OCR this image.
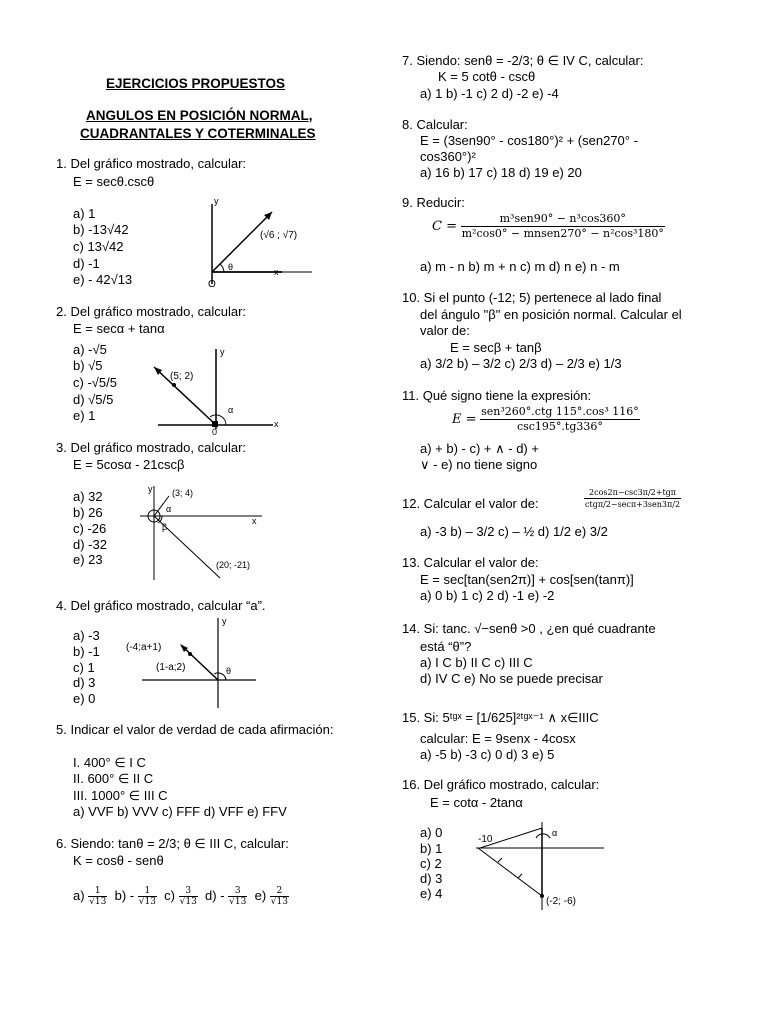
EJERCICIOS PROPUESTOS
ANGULOS EN POSICIÓN NORMAL,
CUADRANTALES Y COTERMINALES
1. Del gráfico mostrado, calcular:
E = secθ.cscθ
a) 1
b) -13√42
c) 13√42
d) -1
e) - 42√13
y
x
O
θ
(√6 ; √7)
2. Del gráfico mostrado, calcular:
E = secα + tanα
a) -√5
b) √5
c) -√5/5
d) √5/5
e) 1
y
x
0
α
(5; 2)
3. Del gráfico mostrado, calcular:
E = 5cosα - 21cscβ
a) 32
b) 26
c) -26
d) -32
e) 23
y
x
(3; 4)
α
β
(20; -21)
4. Del gráfico mostrado, calcular “a”.
a) -3
b) -1
c) 1
d) 3
e) 0
y
(-4;a+1)
(1-a;2)	θ
5. Indicar el valor de verdad de cada afirmación:
I. 400° ∈ I C
II. 600° ∈ II C
III. 1000° ∈ III C
a) VVF b) VVV c) FFF d) VFF e) FFV
6. Siendo: tanθ = 2/3; θ ∈ III C, calcular:
K = cosθ - senθ
$a) \frac{1}{√13} b) - \frac{1}{√13} c) \frac{3}{√13} d) - \frac{3}{√13} e) \frac{2}{√13}$
7. Siendo: senθ = -2/3; θ ∈ IV C, calcular:
K = 5 cotθ - cscθ
a) 1 b) -1 c) 2 d) -2 e) -4
8. Calcular:
E = (3sen90° - cos180°)² + (sen270° -
cos360°)²
a) 16 b) 17 c) 18 d) 19 e) 20
9. Reducir:
$C = \frac{\text{m³sen90° − n³cos360°}}{\text{m²cos0° − mnsen270° − n²cos³180°}}$
a) m - n b) m + n c) m d) n e) n - m
10. Si el punto (-12; 5) pertenece al lado final
del ángulo "β" en posición normal. Calcular el
valor de:
E = secβ + tanβ
a) 3/2 b) – 3/2 c) 2/3 d) – 2/3 e) 1/3
11. Qué signo tiene la expresión:
$E = \frac{\text{sen³260°.ctg 115°.cos³ 116°}}{\csc 195^\circ.tg336^\circ}$
a) + b) - c) + ∧ - d) +
∨ - e) no tiene signo
12. Calcular el valor de:	$\frac{\text{2cos2π−csc3π/2+tgπ}}{\text{ctgπ/2−secπ+3sen3π/2}}$
a) -3 b) – 3/2 c) – ½ d) 1/2 e) 3/2
13. Calcular el valor de:
E = sec[tan(sen2π)] + cos[sen(tanπ)]
a) 0 b) 1 c) 2 d) -1 e) -2
14. Si: tanc. √−senθ >0 , ¿en qué cuadrante
está “θ”?
a) I C b) II C c) III C
d) IV C e) No se puede precisar
15. Si: 5ᵗᵍˣ = [1/625]²ᵗᵍˣ⁻¹ ∧ x∈IIIC
calcular: E = 9senx - 4cosx
a) -5 b) -3 c) 0 d) 3 e) 5
16. Del gráfico mostrado, calcular:
E = cotα - 2tanα
a) 0
b) 1
c) 2
d) 3
e) 4
-10
α
(-2; -6)
